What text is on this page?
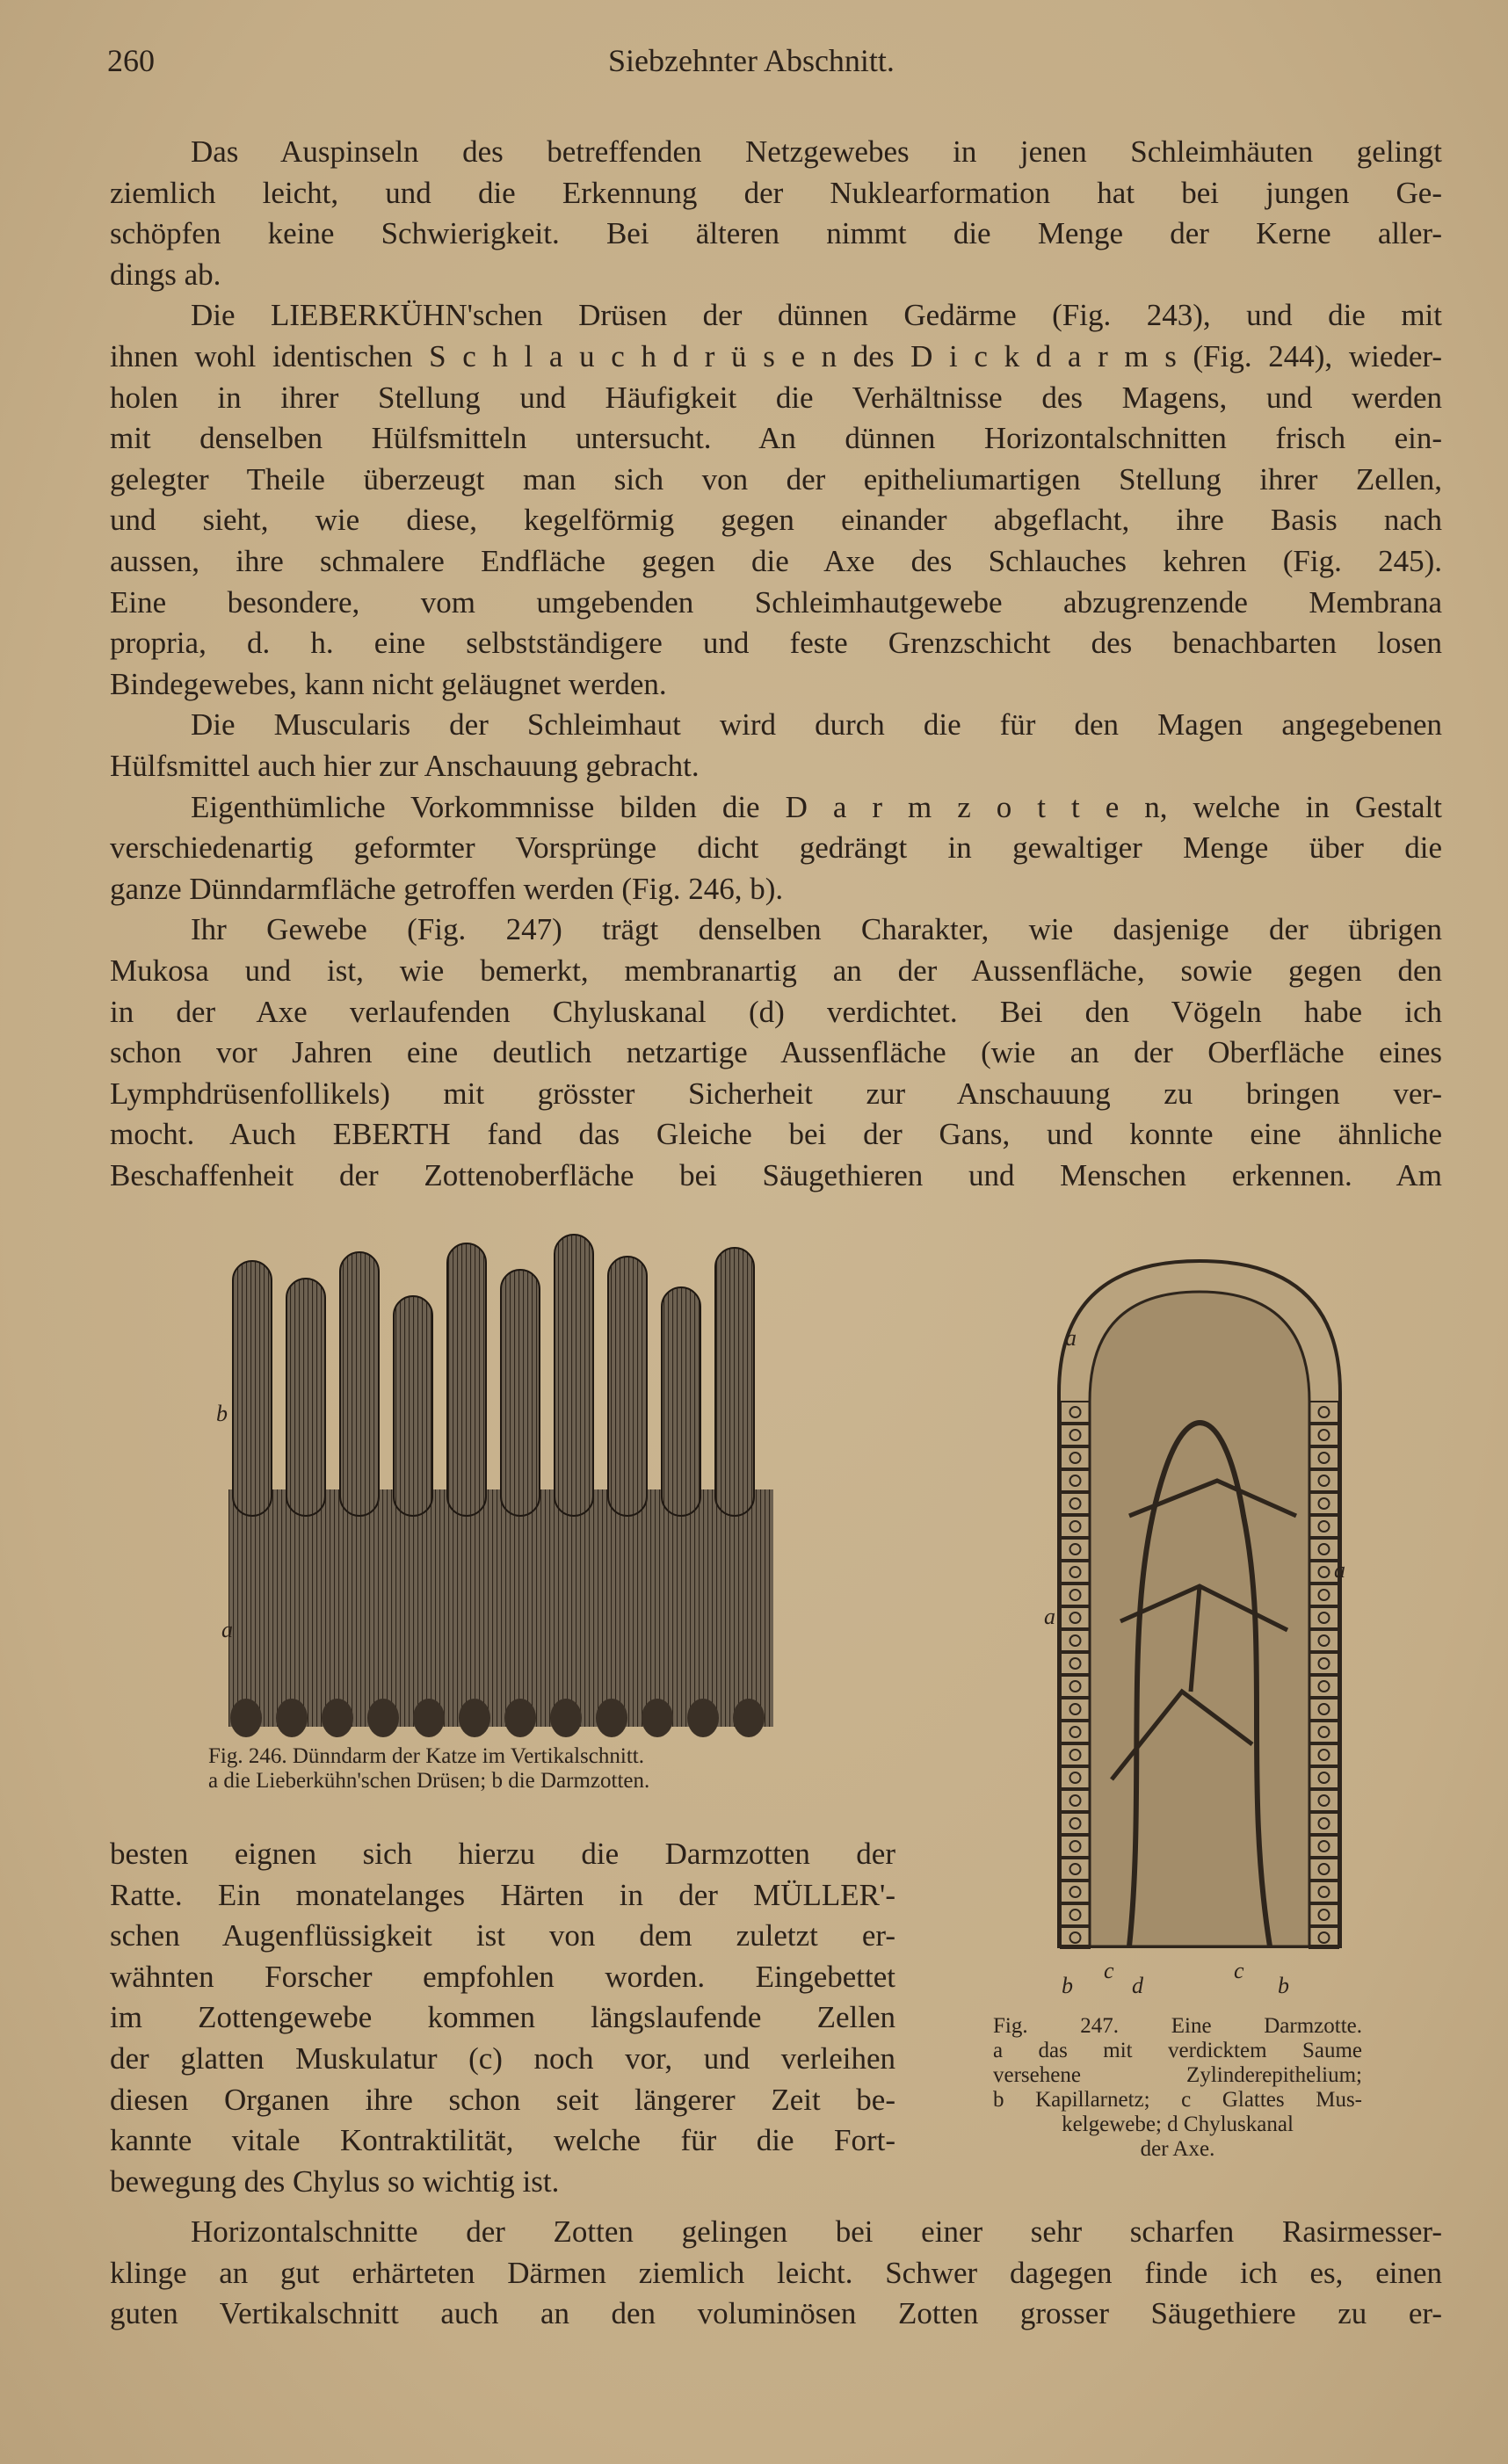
260	Siebzehnter Abschnitt.
Das Auspinseln des betreffenden Netzgewebes in jenen Schleimhäuten gelingt
ziemlich leicht, und die Erkennung der Nuklearformation hat bei jungen Ge-
schöpfen keine Schwierigkeit. Bei älteren nimmt die Menge der Kerne aller-
dings ab.
Die LIEBERKÜHN'schen Drüsen der dünnen Gedärme (Fig. 243), und die mit
ihnen wohl identischen S c h l a u c h d r ü s e n des D i c k d a r m s (Fig. 244), wieder-
holen in ihrer Stellung und Häufigkeit die Verhältnisse des Magens, und werden
mit denselben Hülfsmitteln untersucht. An dünnen Horizontalschnitten frisch ein-
gelegter Theile überzeugt man sich von der epitheliumartigen Stellung ihrer Zellen,
und sieht, wie diese, kegelförmig gegen einander abgeflacht, ihre Basis nach
aussen, ihre schmalere Endfläche gegen die Axe des Schlauches kehren (Fig. 245).
Eine besondere, vom umgebenden Schleimhautgewebe abzugrenzende Membrana
propria, d. h. eine selbstständigere und feste Grenzschicht des benachbarten losen
Bindegewebes, kann nicht geläugnet werden.
Die Muscularis der Schleimhaut wird durch die für den Magen angegebenen
Hülfsmittel auch hier zur Anschauung gebracht.
Eigenthümliche Vorkommnisse bilden die D a r m z o t t e n, welche in Gestalt
verschiedenartig geformter Vorsprünge dicht gedrängt in gewaltiger Menge über die
ganze Dünndarmfläche getroffen werden (Fig. 246, b).
Ihr Gewebe (Fig. 247) trägt denselben Charakter, wie dasjenige der übrigen
Mukosa und ist, wie bemerkt, membranartig an der Aussenfläche, sowie gegen den
in der Axe verlaufenden Chyluskanal (d) verdichtet. Bei den Vögeln habe ich
schon vor Jahren eine deutlich netzartige Aussenfläche (wie an der Oberfläche eines
Lymphdrüsenfollikels) mit grösster Sicherheit zur Anschauung zu bringen ver-
mocht. Auch EBERTH fand das Gleiche bei der Gans, und konnte eine ähnliche
Beschaffenheit der Zottenoberfläche bei Säugethieren und Menschen erkennen. Am
besten eignen sich hierzu die Darmzotten der
Ratte. Ein monatelanges Härten in der MÜLLER'-
schen Augenflüssigkeit ist von dem zuletzt er-
wähnten Forscher empfohlen worden. Eingebettet
im Zottengewebe kommen längslaufende Zellen
der glatten Muskulatur (c) noch vor, und verleihen
diesen Organen ihre schon seit längerer Zeit be-
kannte vitale Kontraktilität, welche für die Fort-
bewegung des Chylus so wichtig ist.
Horizontalschnitte der Zotten gelingen bei einer sehr scharfen Rasirmesser-
klinge an gut erhärteten Därmen ziemlich leicht. Schwer dagegen finde ich es, einen
guten Vertikalschnitt auch an den voluminösen Zotten grosser Säugethiere zu er-
b
a
Fig. 246. Dünndarm der Katze im Vertikalschnitt.
a die Lieberkühn'schen Drüsen; b die Darmzotten.
a
a
a
b
c
d
c
b
Fig. 247. Eine Darmzotte.
a das mit verdicktem Saume
versehene Zylinderepithelium;
b Kapillarnetz; c Glattes Mus-
kelgewebe; d Chyluskanal
der Axe.
